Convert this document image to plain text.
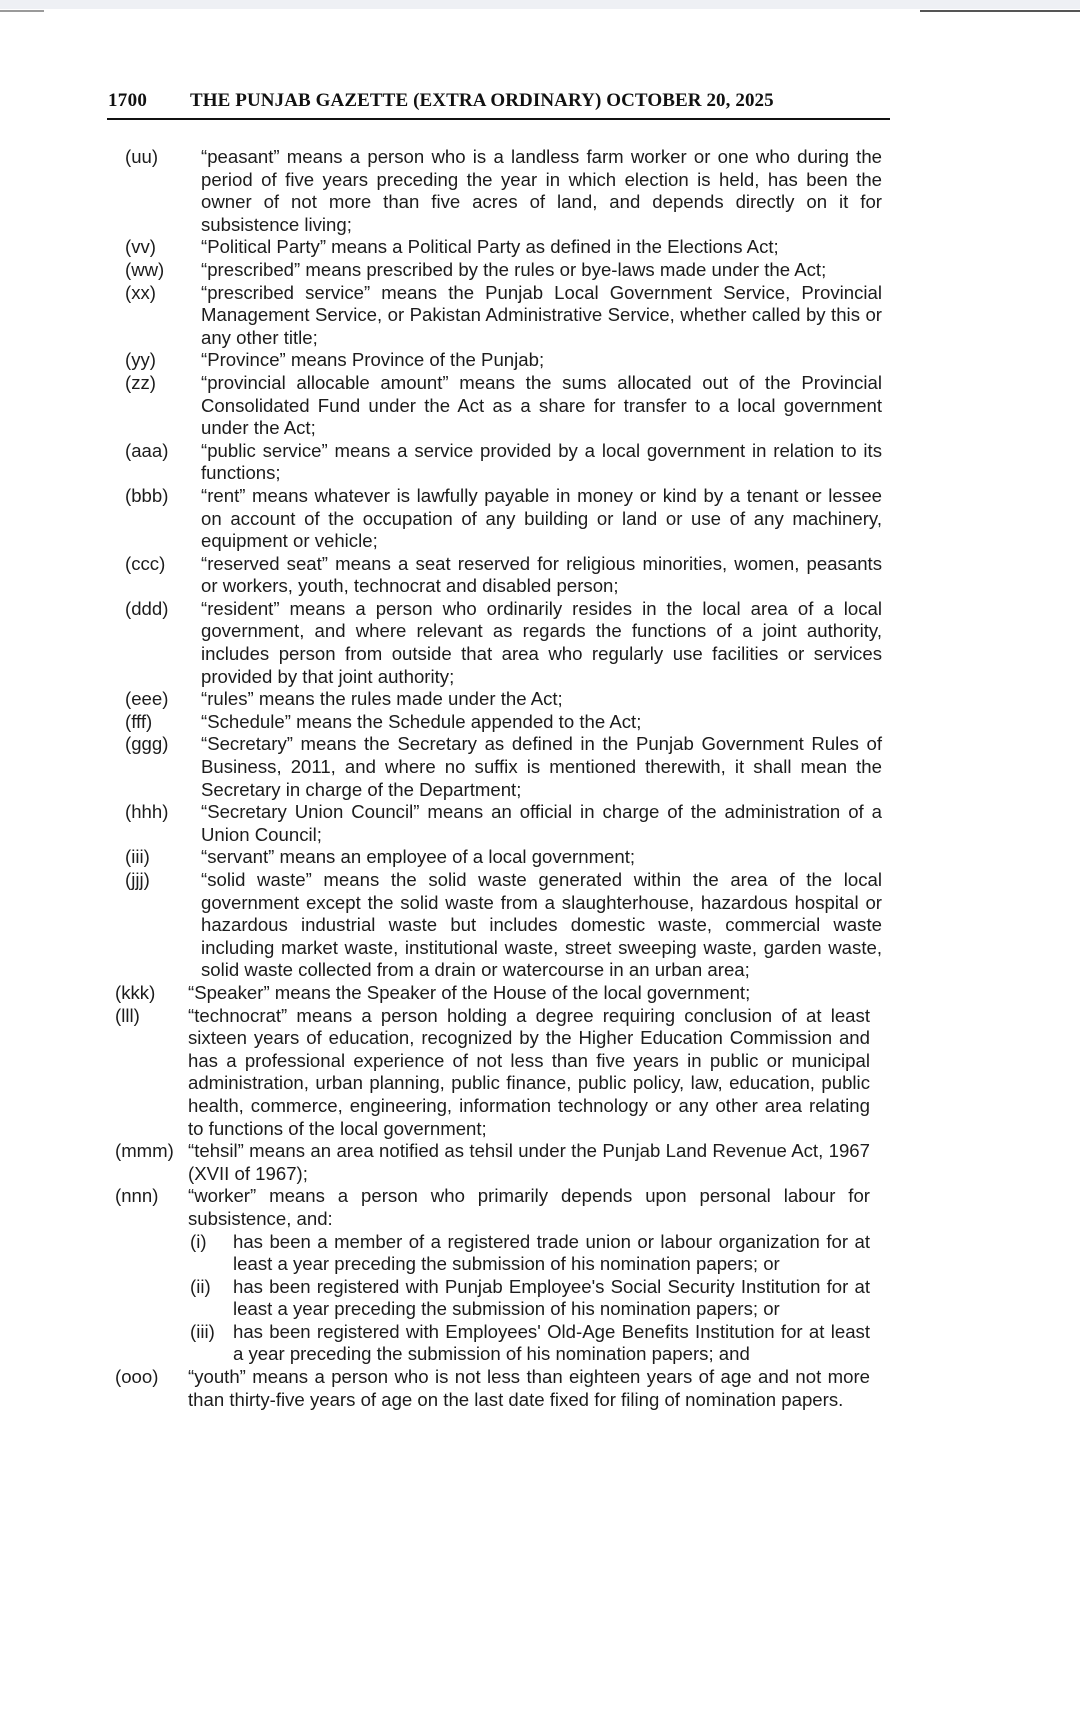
1700 THE PUNJAB GAZETTE (EXTRA ORDINARY) OCTOBER 20, 2025
(uu) “peasant” means a person who is a landless farm worker or one who during the period of five years preceding the year in which election is held, has been the owner of not more than five acres of land, and depends directly on it for subsistence living;
(vv) “Political Party” means a Political Party as defined in the Elections Act;
(ww) “prescribed” means prescribed by the rules or bye-laws made under the Act;
(xx) “prescribed service” means the Punjab Local Government Service, Provincial Management Service, or Pakistan Administrative Service, whether called by this or any other title;
(yy) “Province” means Province of the Punjab;
(zz) “provincial allocable amount” means the sums allocated out of the Provincial Consolidated Fund under the Act as a share for transfer to a local government under the Act;
(aaa) “public service” means a service provided by a local government in relation to its functions;
(bbb) “rent” means whatever is lawfully payable in money or kind by a tenant or lessee on account of the occupation of any building or land or use of any machinery, equipment or vehicle;
(ccc) “reserved seat” means a seat reserved for religious minorities, women, peasants or workers, youth, technocrat and disabled person;
(ddd) “resident” means a person who ordinarily resides in the local area of a local government, and where relevant as regards the functions of a joint authority, includes person from outside that area who regularly use facilities or services provided by that joint authority;
(eee) “rules” means the rules made under the Act;
(fff)	“Schedule” means the Schedule appended to the Act;
(ggg) “Secretary” means the Secretary as defined in the Punjab Government Rules of Business, 2011, and where no suffix is mentioned therewith, it shall mean the Secretary in charge of the Department;
(hhh) “Secretary Union Council” means an official in charge of the administration of a Union Council;
(iii)	“servant” means an employee of a local government;
(jjj)	“solid waste” means the solid waste generated within the area of the local government except the solid waste from a slaughterhouse, hazardous hospital or hazardous industrial waste but includes domestic waste, commercial waste including market waste, institutional waste, street sweeping waste, garden waste, solid waste collected from a drain or watercourse in an urban area;
(kkk) “Speaker” means the Speaker of the House of the local government;
(lll)	“technocrat” means a person holding a degree requiring conclusion of at least sixteen years of education, recognized by the Higher Education Commission and has a professional experience of not less than five years in public or municipal administration, urban planning, public finance, public policy, law, education, public health, commerce, engineering, information technology or any other area relating to functions of the local government;
(mmm) “tehsil” means an area notified as tehsil under the Punjab Land Revenue Act, 1967 (XVII of 1967);
(nnn) “worker” means a person who primarily depends upon personal labour for subsistence, and:
(i) has been a member of a registered trade union or labour organization for at least a year preceding the submission of his nomination papers; or
(ii) has been registered with Punjab Employee's Social Security Institution for at least a year preceding the submission of his nomination papers; or
(iii) has been registered with Employees' Old-Age Benefits Institution for at least a year preceding the submission of his nomination papers; and
(ooo) “youth” means a person who is not less than eighteen years of age and not more than thirty-five years of age on the last date fixed for filing of nomination papers.
